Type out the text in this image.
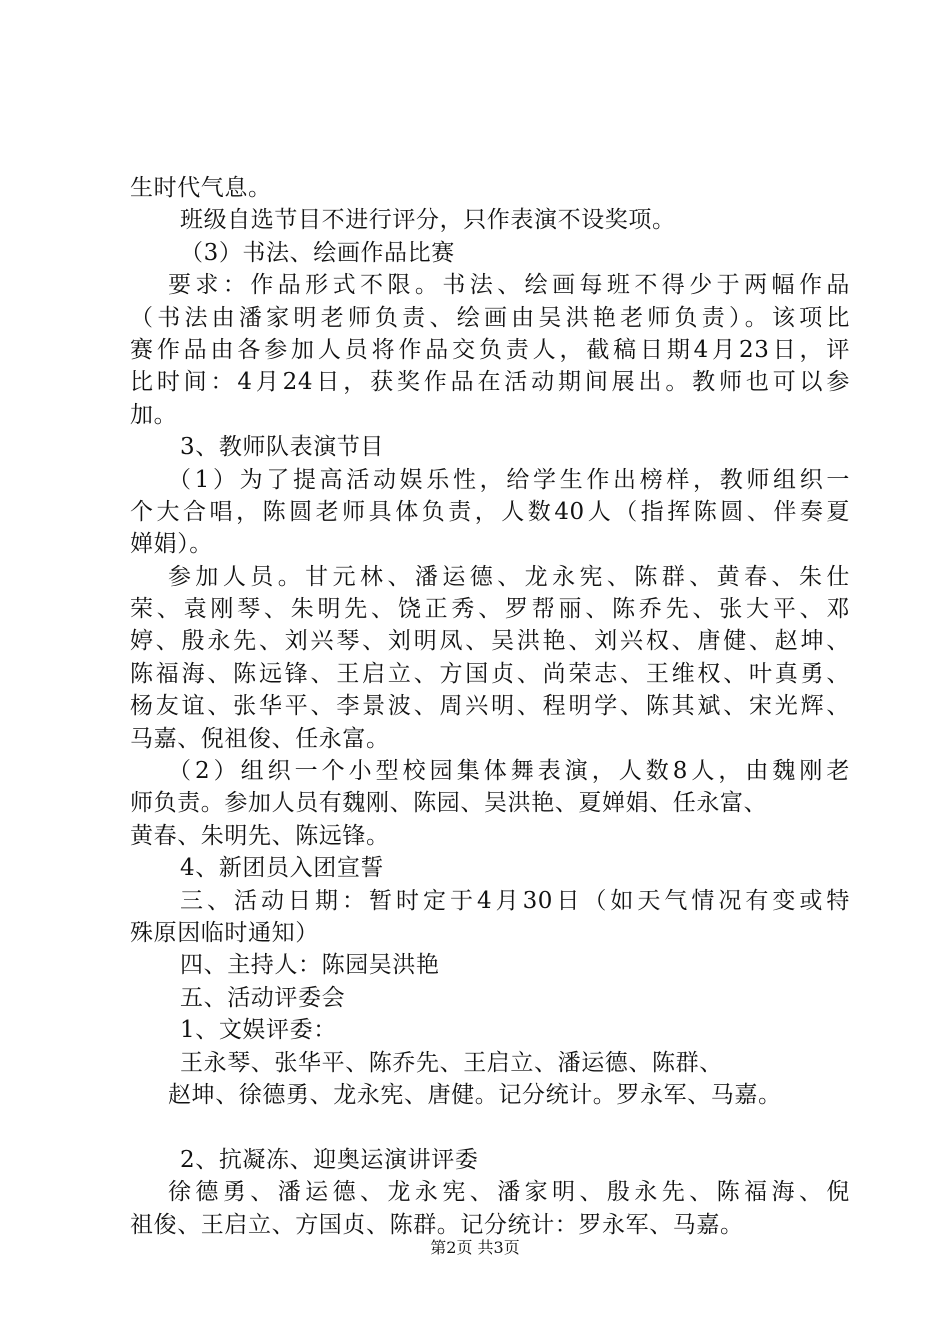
生时代气息。
班级自选节目不进行评分，只作表演不设奖项。
（3）书法、绘画作品比赛
要求：作品形式不限。书法、绘画每班不得少于两幅作品
（书法由潘家明老师负责、绘画由吴洪艳老师负责）。该项比
赛作品由各参加人员将作品交负责人，截稿日期4月23日，评
比时间：4月24日，获奖作品在活动期间展出。教师也可以参
加。
3、教师队表演节目
（1）为了提高活动娱乐性，给学生作出榜样，教师组织一
个大合唱，陈圆老师具体负责，人数40人（指挥陈圆、伴奏夏
婵娟）。
参加人员。甘元林、潘运德、龙永宪、陈群、黄春、朱仕
荣、袁刚琴、朱明先、饶正秀、罗帮丽、陈乔先、张大平、邓
婷、殷永先、刘兴琴、刘明凤、吴洪艳、刘兴权、唐健、赵坤、
陈福海、陈远锋、王启立、方国贞、尚荣志、王维权、叶真勇、
杨友谊、张华平、李景波、周兴明、程明学、陈其斌、宋光辉、
马嘉、倪祖俊、任永富。
（2）组织一个小型校园集体舞表演，人数8人，由魏刚老
师负责。参加人员有魏刚、陈园、吴洪艳、夏婵娟、任永富、
黄春、朱明先、陈远锋。
4、新团员入团宣誓
三、活动日期：暂时定于4月30日（如天气情况有变或特
殊原因临时通知）
四、主持人：陈园吴洪艳
五、活动评委会
1、文娱评委：
王永琴、张华平、陈乔先、王启立、潘运德、陈群、
赵坤、徐德勇、龙永宪、唐健。记分统计。罗永军、马嘉。
2、抗凝冻、迎奥运演讲评委
徐德勇、潘运德、龙永宪、潘家明、殷永先、陈福海、倪
祖俊、王启立、方国贞、陈群。记分统计：罗永军、马嘉。
第2页 共3页
